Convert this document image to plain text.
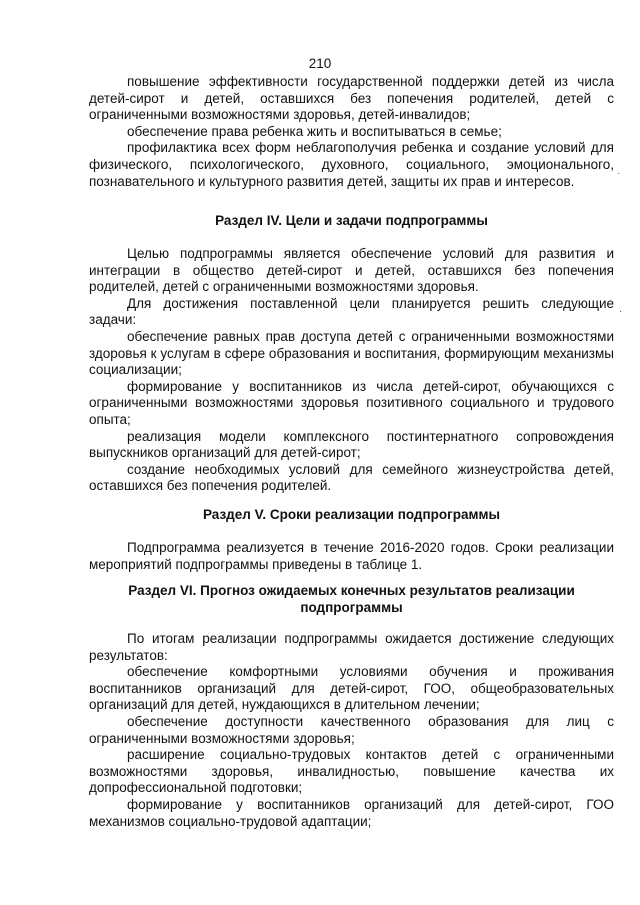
210

повышение эффективности государственной поддержки детей из числа детей-сирот и детей, оставшихся без попечения родителей, детей с ограниченными возможностями здоровья, детей-инвалидов;

обеспечение права ребенка жить и воспитываться в семье;

профилактика всех форм неблагополучия ребенка и создание условий для физического, психологического, духовного, социального, эмоционального, познавательного и культурного развития детей, защиты их прав и интересов.

Раздел IV. Цели и задачи подпрограммы

Целью подпрограммы является обеспечение условий для развития и интеграции в общество детей-сирот и детей, оставшихся без попечения родителей, детей с ограниченными возможностями здоровья.

Для достижения поставленной цели планируется решить следующие задачи:

обеспечение равных прав доступа детей с ограниченными возможностями здоровья к услугам в сфере образования и воспитания, формирующим механизмы социализации;

формирование у воспитанников из числа детей-сирот, обучающихся с ограниченными возможностями здоровья позитивного социального и трудового опыта;

реализация модели комплексного постинтернатного сопровождения выпускников организаций для детей-сирот;

создание необходимых условий для семейного жизнеустройства детей, оставшихся без попечения родителей.

Раздел V. Сроки реализации подпрограммы

Подпрограмма реализуется в течение 2016-2020 годов. Сроки реализации мероприятий подпрограммы приведены в таблице 1.

Раздел VI. Прогноз ожидаемых конечных результатов реализации
подпрограммы

По итогам реализации подпрограммы ожидается достижение следующих результатов:

обеспечение комфортными условиями обучения и проживания воспитанников организаций для детей-сирот, ГОО, общеобразовательных организаций для детей, нуждающихся в длительном лечении;

обеспечение доступности качественного образования для лиц с ограниченными возможностями здоровья;

расширение социально-трудовых контактов детей с ограниченными возможностями здоровья, инвалидностью, повышение качества их допрофессиональной подготовки;

формирование у воспитанников организаций для детей-сирот, ГОО механизмов социально-трудовой адаптации;

·
·
